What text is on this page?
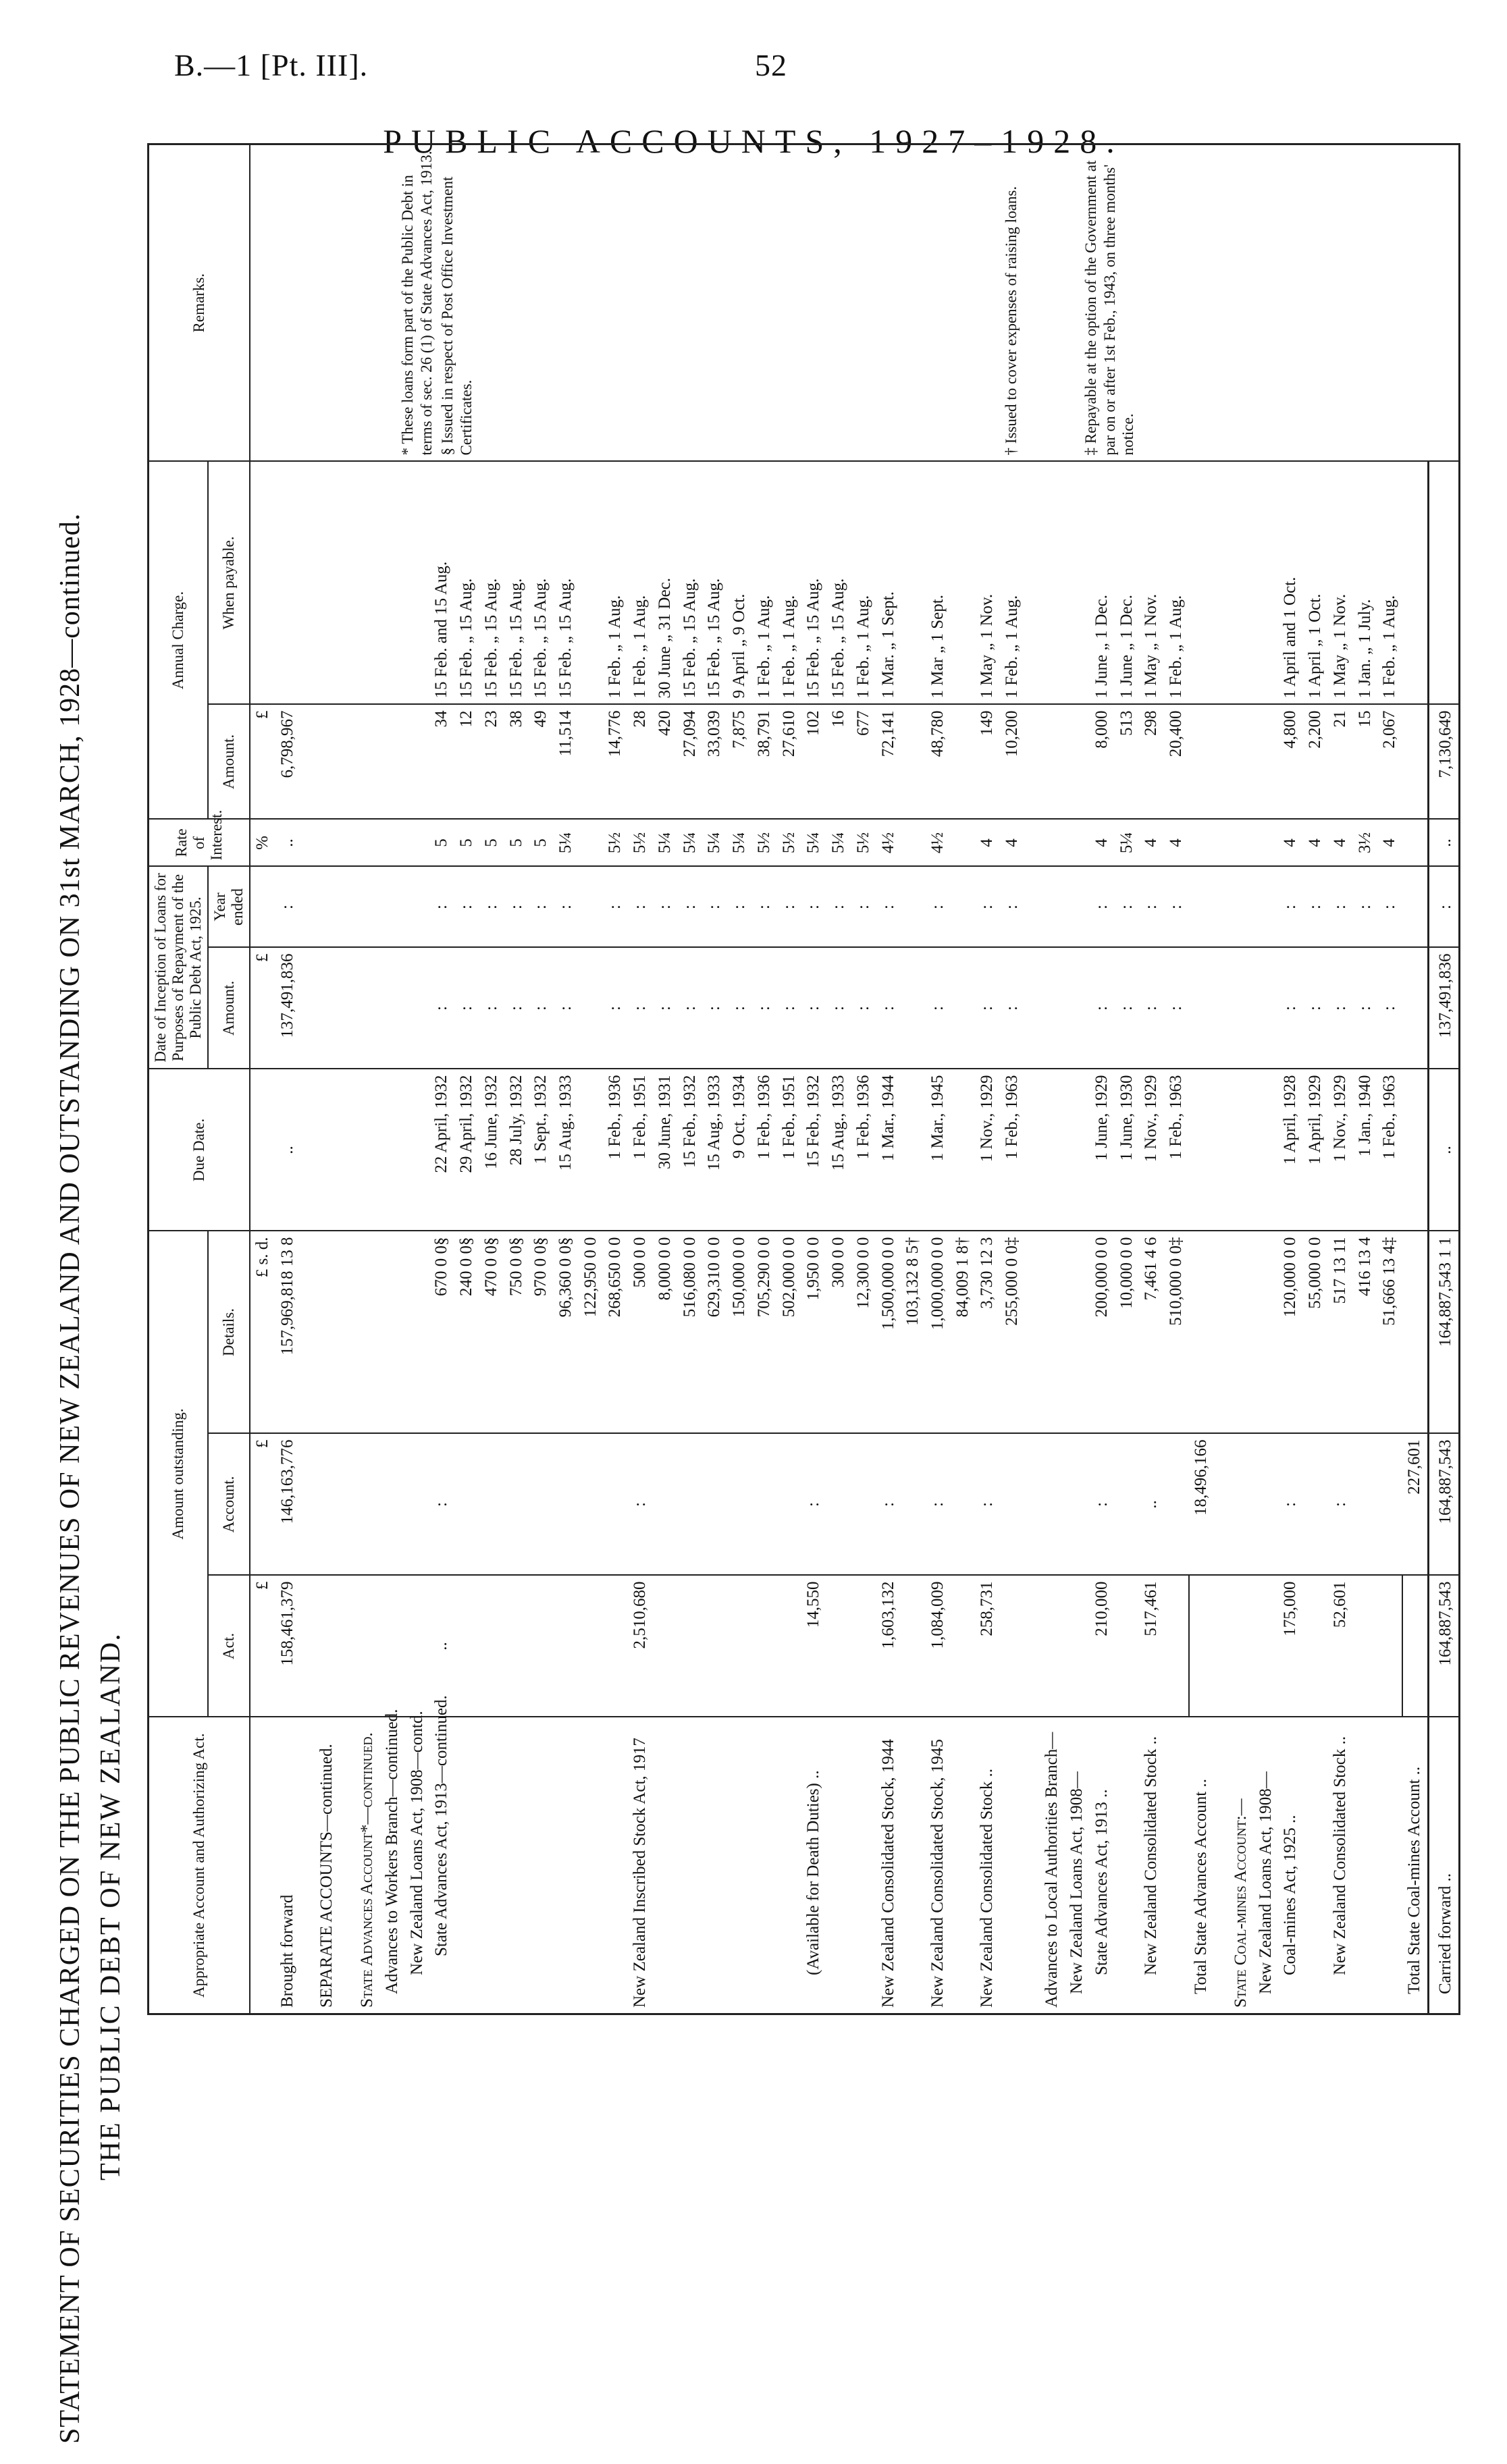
B.—1 [Pt. III].	52
PUBLIC ACCOUNTS, 1927–1928.
THE PUBLIC DEBT OF NEW ZEALAND.
STATEMENT OF SECURITIES CHARGED ON THE PUBLIC REVENUES OF NEW ZEALAND AND OUTSTANDING ON 31st MARCH, 1928—continued.	Appropriate Account and Authorizing Act.	Amount outstanding.			Due Date.	Date of Inception of Loans for Purposes of Repayment of the Public Debt Act, 1925.		Rate of Interest.	Annual Charge.		Remarks.
	Act.	Account.	Details.		Amount.	Year ended		Amount.	When payable.	
	£	£	£ s. d.		£		%	£		* These loans form part of the Public Debt in terms of sec. 26 (1) of State Advances Act, 1913. § Issued in respect of Post Office Investment Certificates. † Issued to cover expenses of raising loans. ‡ Repayable at the option of the Government at par on or after 1st Feb., 1943, on three months' notice.

Brought forward	158,461,379	146,163,776	157,969,818 13 8	..	137,491,836	:	..	6,798,967		
SEPARATE ACCOUNTS—continued.										
State Advances Account*—continued.										
Advances to Workers Branch—continued.										
New Zealand Loans Act, 1908—contd.										
State Advances Act, 1913—continued.	..	:	670 0 0§	22 April, 1932	:	:	5	34	15 Feb. and 15 Aug.	
			240 0 0§	29 April, 1932	:	:	5	12	15 Feb. „ 15 Aug.	
			470 0 0§	16 June, 1932	:	:	5	23	15 Feb. „ 15 Aug.	
			750 0 0§	28 July, 1932	:	:	5	38	15 Feb. „ 15 Aug.	
			970 0 0§	1 Sept., 1932	:	:	5	49	15 Feb. „ 15 Aug.	
			96,360 0 0§	15 Aug., 1933	:	:	5¼	11,514	15 Feb. „ 15 Aug.	
			122,950 0 0							
			268,650 0 0	1 Feb., 1936	:	:	5½	14,776	1 Feb. „ 1 Aug.	
New Zealand Inscribed Stock Act, 1917	2,510,680	:	500 0 0	1 Feb., 1951	:	:	5½	28	1 Feb. „ 1 Aug.	
			8,000 0 0	30 June, 1931	:	:	5¼	420	30 June „ 31 Dec.	
			516,080 0 0	15 Feb., 1932	:	:	5¼	27,094	15 Feb. „ 15 Aug.	
			629,310 0 0	15 Aug., 1933	:	:	5¼	33,039	15 Feb. „ 15 Aug.	
			150,000 0 0	9 Oct., 1934	:	:	5¼	7,875	9 April „ 9 Oct.	
			705,290 0 0	1 Feb., 1936	:	:	5½	38,791	1 Feb. „ 1 Aug.	
			502,000 0 0	1 Feb., 1951	:	:	5½	27,610	1 Feb. „ 1 Aug.	
(Available for Death Duties) ..	14,550	:	1,950 0 0	15 Feb., 1932	:	:	5¼	102	15 Feb. „ 15 Aug.	
			300 0 0	15 Aug., 1933	:	:	5¼	16	15 Feb. „ 15 Aug.	
			12,300 0 0	1 Feb., 1936	:	:	5½	677	1 Feb. „ 1 Aug.	
New Zealand Consolidated Stock, 1944	1,603,132	:	1,500,000 0 0	1 Mar., 1944	:	:	4½	72,141	1 Mar. „ 1 Sept.	
			103,132 8 5†							
New Zealand Consolidated Stock, 1945	1,084,009	:	1,000,000 0 0	1 Mar., 1945	:	:	4½	48,780	1 Mar „ 1 Sept.	
			84,009 1 8†							
New Zealand Consolidated Stock ..	258,731	:	3,730 12 3	1 Nov., 1929	:	:	4	149	1 May „ 1 Nov.	
			255,000 0 0‡	1 Feb., 1963	:	:	4	10,200	1 Feb. „ 1 Aug.	
Advances to Local Authorities Branch—										
New Zealand Loans Act, 1908—										
State Advances Act, 1913 ..	210,000	:	200,000 0 0	1 June, 1929	:	:	4	8,000	1 June „ 1 Dec.	
			10,000 0 0	1 June, 1930	:	:	5¼	513	1 June „ 1 Dec.	
New Zealand Consolidated Stock ..	517,461	..	7,461 4 6	1 Nov., 1929	:	:	4	298	1 May „ 1 Nov.	
			510,000 0 0‡	1 Feb., 1963	:	:	4	20,400	1 Feb. „ 1 Aug.	
Total State Advances Account ..		18,496,166								
State Coal-mines Account:—										
New Zealand Loans Act, 1908—										
Coal-mines Act, 1925 ..	175,000	:	120,000 0 0	1 April, 1928	:	:	4	4,800	1 April and 1 Oct.	
			55,000 0 0	1 April, 1929	:	:	4	2,200	1 April „ 1 Oct.	
New Zealand Consolidated Stock ..	52,601	:	517 13 11	1 Nov., 1929	:	:	4	21	1 May „ 1 Nov.	
			416 13 4	1 Jan., 1940	:	:	3½	15	1 Jan. „ 1 July.	
			51,666 13 4‡	1 Feb., 1963	:	:	4	2,067	1 Feb. „ 1 Aug.	
Total State Coal-mines Account ..		227,601								
Carried forward ..	164,887,543	164,887,543	164,887,543 1 1	..	137,491,836	:	..	7,130,649		
